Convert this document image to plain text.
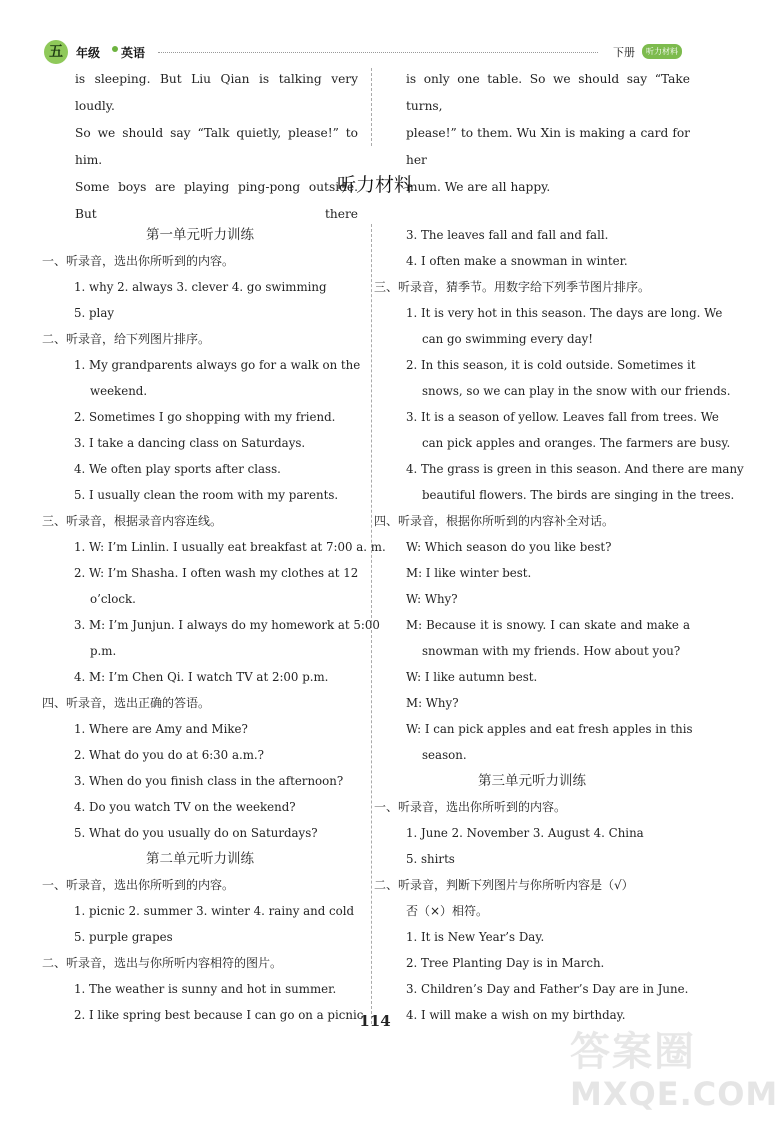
五	年级 英语	下册	听力材料
is sleeping. But Liu Qian is talking very loudly.
So we should say “Talk quietly, please!” to him.
Some boys are playing ping-pong outside. But there
is only one table. So we should say “Take turns,
please!” to them. Wu Xin is making a card for her
mum. We are all happy.
听力材料
第一单元听力训练
一、听录音，选出你所听到的内容。
1. why 2. always 3. clever 4. go swimming
5. play
二、听录音，给下列图片排序。
1. My grandparents always go for a walk on the
weekend.
2. Sometimes I go shopping with my friend.
3. I take a dancing class on Saturdays.
4. We often play sports after class.
5. I usually clean the room with my parents.
三、听录音，根据录音内容连线。
1. W: I’m Linlin. I usually eat breakfast at 7:00 a. m.
2. W: I’m Shasha. I often wash my clothes at 12
o’clock.
3. M: I’m Junjun. I always do my homework at 5:00
p.m.
4. M: I’m Chen Qi. I watch TV at 2:00 p.m.
四、听录音，选出正确的答语。
1. Where are Amy and Mike?
2. What do you do at 6:30 a.m.?
3. When do you finish class in the afternoon?
4. Do you watch TV on the weekend?
5. What do you usually do on Saturdays?
第二单元听力训练
一、听录音，选出你所听到的内容。
1. picnic 2. summer 3. winter 4. rainy and cold
5. purple grapes
二、听录音，选出与你所听内容相符的图片。
1. The weather is sunny and hot in summer.
2. I like spring best because I can go on a picnic.
3. The leaves fall and fall and fall.
4. I often make a snowman in winter.
三、听录音，猜季节。用数字给下列季节图片排序。
1. It is very hot in this season. The days are long. We
can go swimming every day!
2. In this season, it is cold outside. Sometimes it
snows, so we can play in the snow with our friends.
3. It is a season of yellow. Leaves fall from trees. We
can pick apples and oranges. The farmers are busy.
4. The grass is green in this season. And there are many
beautiful flowers. The birds are singing in the trees.
四、听录音，根据你所听到的内容补全对话。
W: Which season do you like best?
M: I like winter best.
W: Why?
M: Because it is snowy. I can skate and make a
snowman with my friends. How about you?
W: I like autumn best.
M: Why?
W: I can pick apples and eat fresh apples in this
season.
第三单元听力训练
一、听录音，选出你所听到的内容。
1. June 2. November 3. August 4. China
5. shirts
二、听录音，判断下列图片与你所听内容是（√）
否（×）相符。
1. It is New Year’s Day.
2. Tree Planting Day is in March.
3. Children’s Day and Father’s Day are in June.
4. I will make a wish on my birthday.
114
答案圈
MXQE.COM
